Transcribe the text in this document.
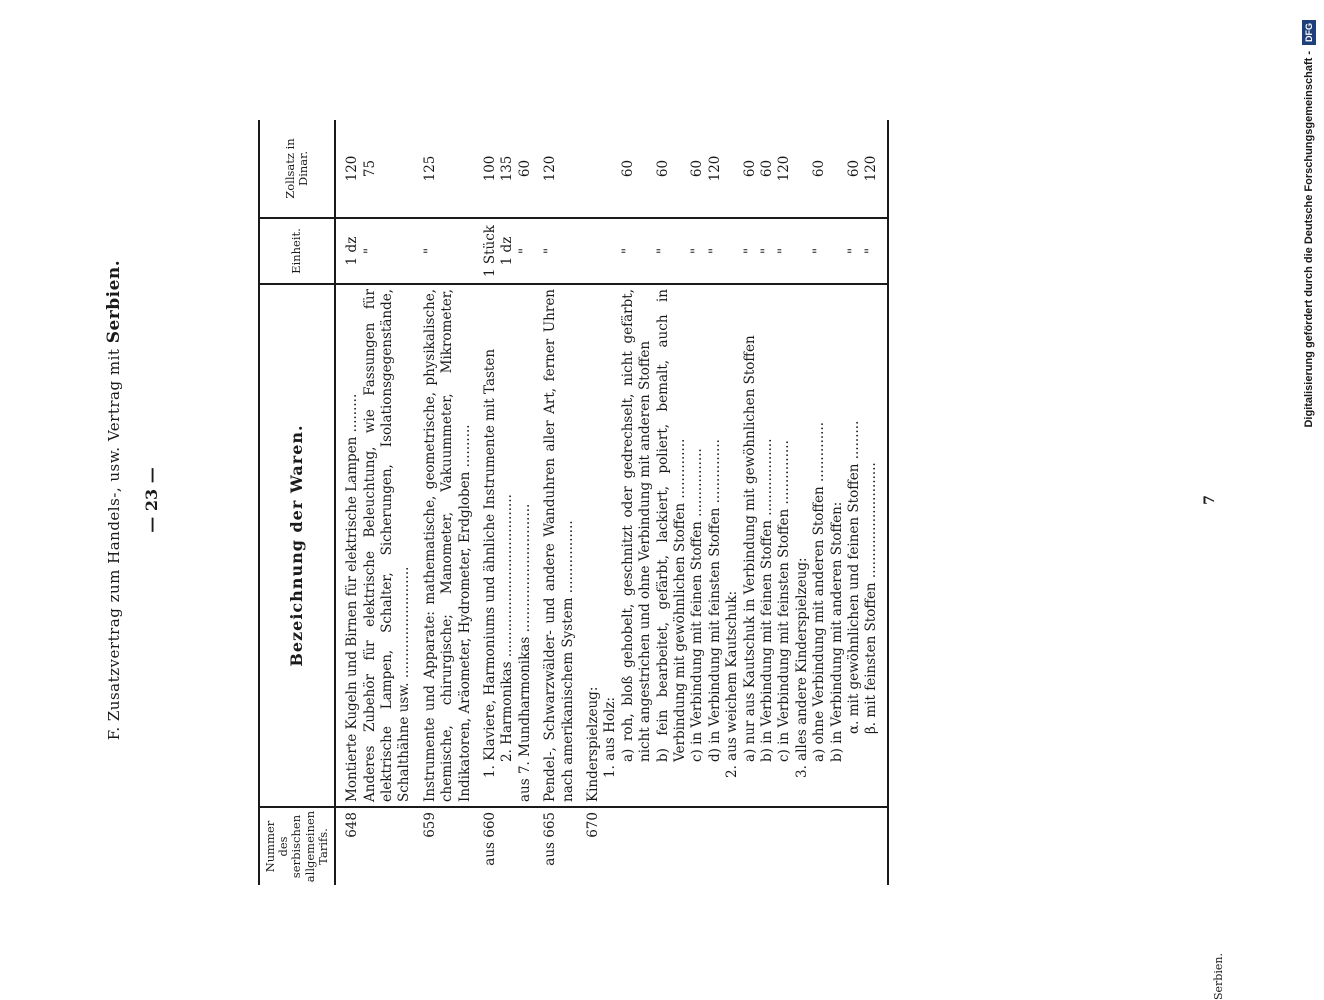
F. Zusatzvertrag zum Handels-, usw. Vertrag mit Serbien.
— 23 —
Nummer des serbischen allgemeinen Tarifs.	Bezeichnung der Waren.	Einheit.	Zollsatz in Dinar.
648	Montierte Kugeln und Birnen für elektrische Lampen .........	1 dz	120
	Anderes Zubehör für elektrische Beleuchtung, wie Fassungen für elektrische Lampen, Schalter, Sicherungen, Isolationsgegenstände, Schalthähne usw. ..........................	"	75
659	Instrumente und Apparate: mathematische, geometrische, physikalische, chemische, chirurgische; Manometer, Vakuummeter, Mikrometer, Indikatoren, Aräometer, Hydrometer, Erdgloben ..........	"	125
aus 660	1. Klaviere, Harmoniums und ähnliche Instrumente mit Tasten	1 Stück	100
	2. Harmonikas ......................................	1 dz	135
	aus 7. Mundharmonikas ..............................	"	60
aus 665	Pendel-, Schwarzwälder- und andere Wanduhren aller Art, ferner Uhren nach amerikanischem System .................	"	120
670	Kinderspielzeug:		
	1. aus Holz:		
	a) roh, bloß gehobelt, geschnitzt oder gedrechselt, nicht gefärbt, nicht angestrichen und ohne Verbindung mit anderen Stoffen	"	60
	b) fein bearbeitet, gefärbt, lackiert, poliert, bemalt, auch in Verbindung mit gewöhnlichen Stoffen ..............	"	60
	c) in Verbindung mit feinen Stoffen ................	"	60
	d) in Verbindung mit feinsten Stoffen ...............	"	120
	2. aus weichem Kautschuk:		
	a) nur aus Kautschuk in Verbindung mit gewöhnlichen Stoffen	"	60
	b) in Verbindung mit feinen Stoffen ..................	"	60
	c) in Verbindung mit feinsten Stoffen ...............	"	120
	3. alles andere Kinderspielzeug:		
	a) ohne Verbindung mit anderen Stoffen ..............	"	60
	b) in Verbindung mit anderen Stoffen:		
	α. mit gewöhnlichen und feinen Stoffen .........	"	60
	β. mit feinsten Stoffen ...........................	"	120

Serbien.
7
Digitalisierung gefördert durch die Deutsche Forschungsgemeinschaft -
DFG
